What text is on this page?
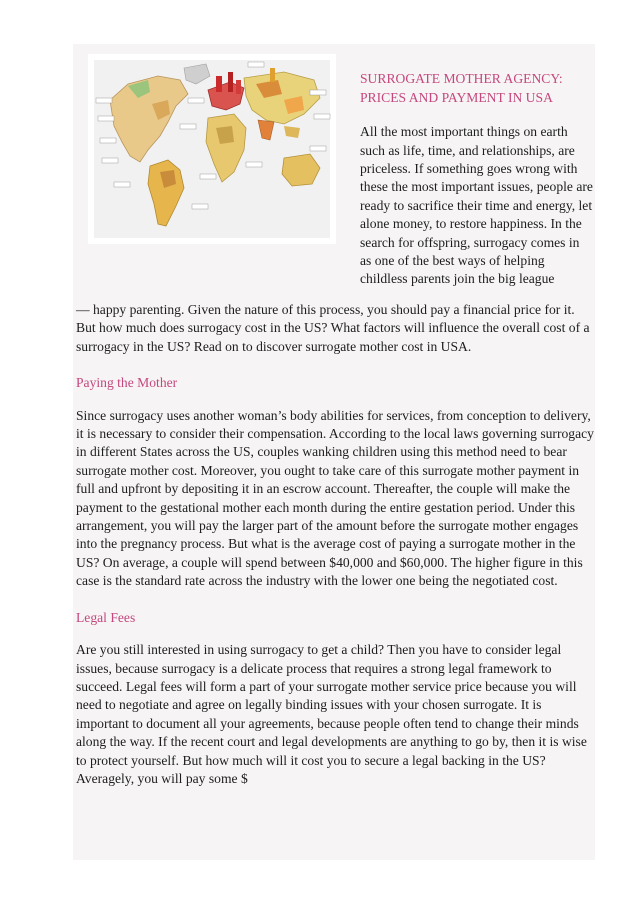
SURROGATE MOTHER AGENCY: PRICES AND PAYMENT IN USA

All the most important things on earth such as life, time, and relationships, are priceless. If something goes wrong with these the most important issues, people are ready to sacrifice their time and energy, let alone money, to restore happiness. In the search for offspring, surrogacy comes in as one of the best ways of helping childless parents join the big league

— happy parenting. Given the nature of this process, you should pay a financial price for it. But how much does surrogacy cost in the US? What factors will influence the overall cost of a surrogacy in the US? Read on to discover surrogate mother cost in USA.

Paying the Mother

Since surrogacy uses another woman’s body abilities for services, from conception to delivery, it is necessary to consider their compensation. According to the local laws governing surrogacy in different States across the US, couples wanking children using this method need to bear surrogate mother cost. Moreover, you ought to take care of this surrogate mother payment in full and upfront by depositing it in an escrow account. Thereafter, the couple will make the payment to the gestational mother each month during the entire gestation period. Under this arrangement, you will pay the larger part of the amount before the surrogate mother engages into the pregnancy process. But what is the average cost of paying a surrogate mother in the US? On average, a couple will spend between $40,000 and $60,000. The higher figure in this case is the standard rate across the industry with the lower one being the negotiated cost.

Legal Fees

Are you still interested in using surrogacy to get a child? Then you have to consider legal issues, because surrogacy is a delicate process that requires a strong legal framework to succeed. Legal fees will form a part of your surrogate mother service price because you will need to negotiate and agree on legally binding issues with your chosen surrogate. It is important to document all your agreements, because people often tend to change their minds along the way. If the recent court and legal developments are anything to go by, then it is wise to protect yourself. But how much will it cost you to secure a legal backing in the US? Averagely, you will pay some $
